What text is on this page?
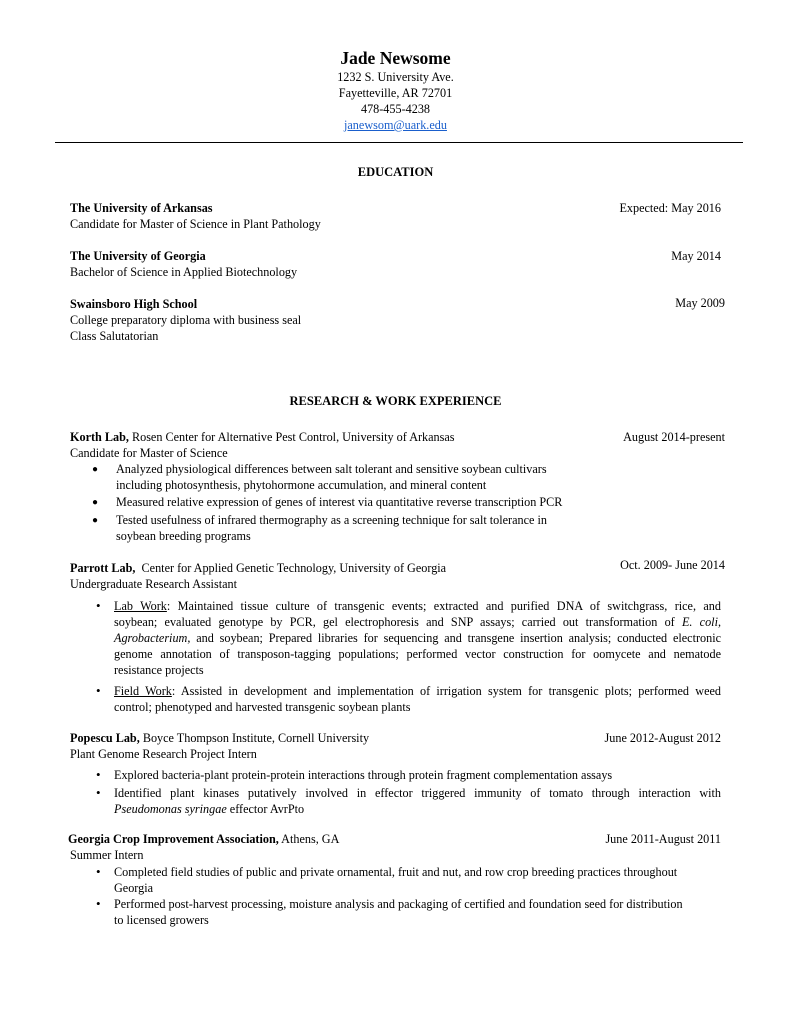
Jade Newsome
1232 S. University Ave.
Fayetteville, AR 72701
478-455-4238
janewsom@uark.edu
EDUCATION
The University of Arkansas	Expected: May 2016
Candidate for Master of Science in Plant Pathology
The University of Georgia	May 2014
Bachelor of Science in Applied Biotechnology
Swainsboro High School	May 2009
College preparatory diploma with business seal
Class Salutatorian
RESEARCH & WORK EXPERIENCE
Korth Lab, Rosen Center for Alternative Pest Control, University of Arkansas	August 2014-present
Candidate for Master of Science
● Analyzed physiological differences between salt tolerant and sensitive soybean cultivars
including photosynthesis, phytohormone accumulation, and mineral content
● Measured relative expression of genes of interest via quantitative reverse transcription PCR
● Tested usefulness of infrared thermography as a screening technique for salt tolerance in
soybean breeding programs
Parrott Lab,  Center for Applied Genetic Technology, University of Georgia	Oct. 2009- June 2014
Undergraduate Research Assistant
• Lab Work: Maintained tissue culture of transgenic events; extracted and purified DNA of switchgrass, rice, and
soybean; evaluated genotype by PCR, gel electrophoresis and SNP assays; carried out transformation of E. coli,
Agrobacterium, and soybean; Prepared libraries for sequencing and transgene insertion analysis; conducted electronic
genome annotation of transposon-tagging populations; performed vector construction for oomycete and nematode
resistance projects
• Field Work: Assisted in development and implementation of irrigation system for transgenic plots; performed weed
control; phenotyped and harvested transgenic soybean plants
Popescu Lab, Boyce Thompson Institute, Cornell University	June 2012-August 2012
Plant Genome Research Project Intern
• Explored bacteria-plant protein-protein interactions through protein fragment complementation assays
• Identified plant kinases putatively involved in effector triggered immunity of tomato through interaction with
Pseudomonas syringae effector AvrPto
Georgia Crop Improvement Association, Athens, GA	June 2011-August 2011
Summer Intern
• Completed field studies of public and private ornamental, fruit and nut, and row crop breeding practices throughout
Georgia
• Performed post-harvest processing, moisture analysis and packaging of certified and foundation seed for distribution
to licensed growers
